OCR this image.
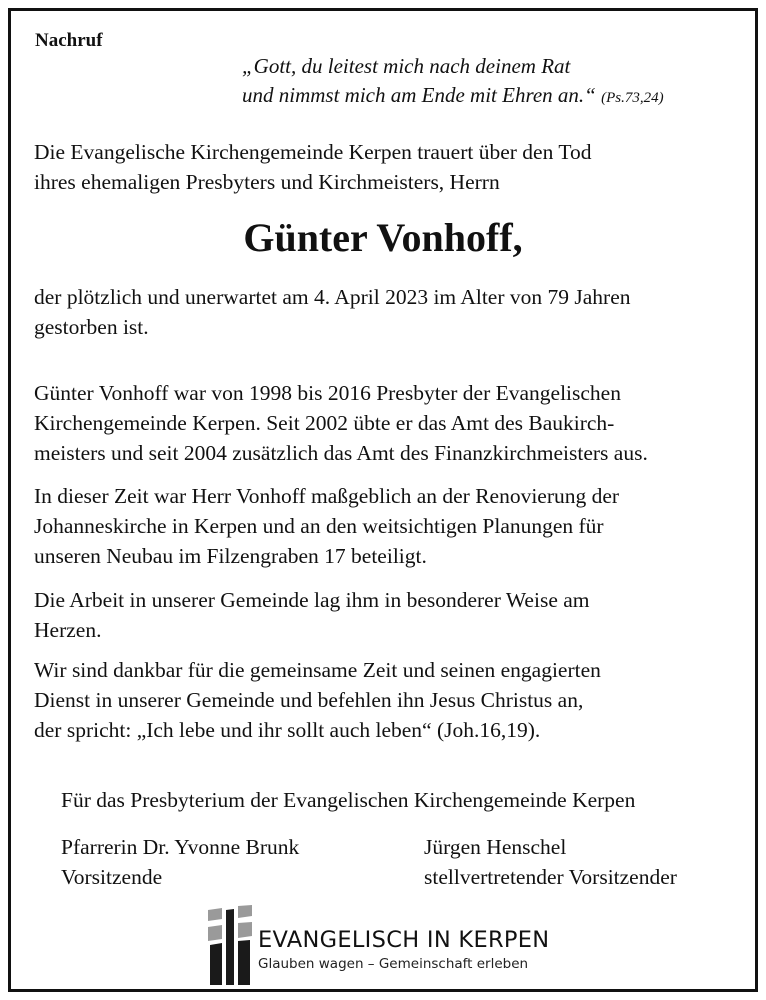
Nachruf
„Gott, du leitest mich nach deinem Rat
und nimmst mich am Ende mit Ehren an.“ (Ps.73,24)
Die Evangelische Kirchengemeinde Kerpen trauert über den Tod
ihres ehemaligen Presbyters und Kirchmeisters, Herrn
Günter Vonhoff,
der plötzlich und unerwartet am 4. April 2023 im Alter von 79 Jahren
gestorben ist.
Günter Vonhoff war von 1998 bis 2016 Presbyter der Evangelischen
Kirchengemeinde Kerpen. Seit 2002 übte er das Amt des Baukirch-
meisters und seit 2004 zusätzlich das Amt des Finanzkirchmeisters aus.
In dieser Zeit war Herr Vonhoff maßgeblich an der Renovierung der
Johanneskirche in Kerpen und an den weitsichtigen Planungen für
unseren Neubau im Filzengraben 17 beteiligt.
Die Arbeit in unserer Gemeinde lag ihm in besonderer Weise am
Herzen.
Wir sind dankbar für die gemeinsame Zeit und seinen engagierten
Dienst in unserer Gemeinde und befehlen ihn Jesus Christus an,
der spricht: „Ich lebe und ihr sollt auch leben“ (Joh.16,19).
Für das Presbyterium der Evangelischen Kirchengemeinde Kerpen
Pfarrerin Dr. Yvonne Brunk
Vorsitzende
Jürgen Henschel
stellvertretender Vorsitzender
EVANGELISCH IN KERPEN
Glauben wagen – Gemeinschaft erleben
